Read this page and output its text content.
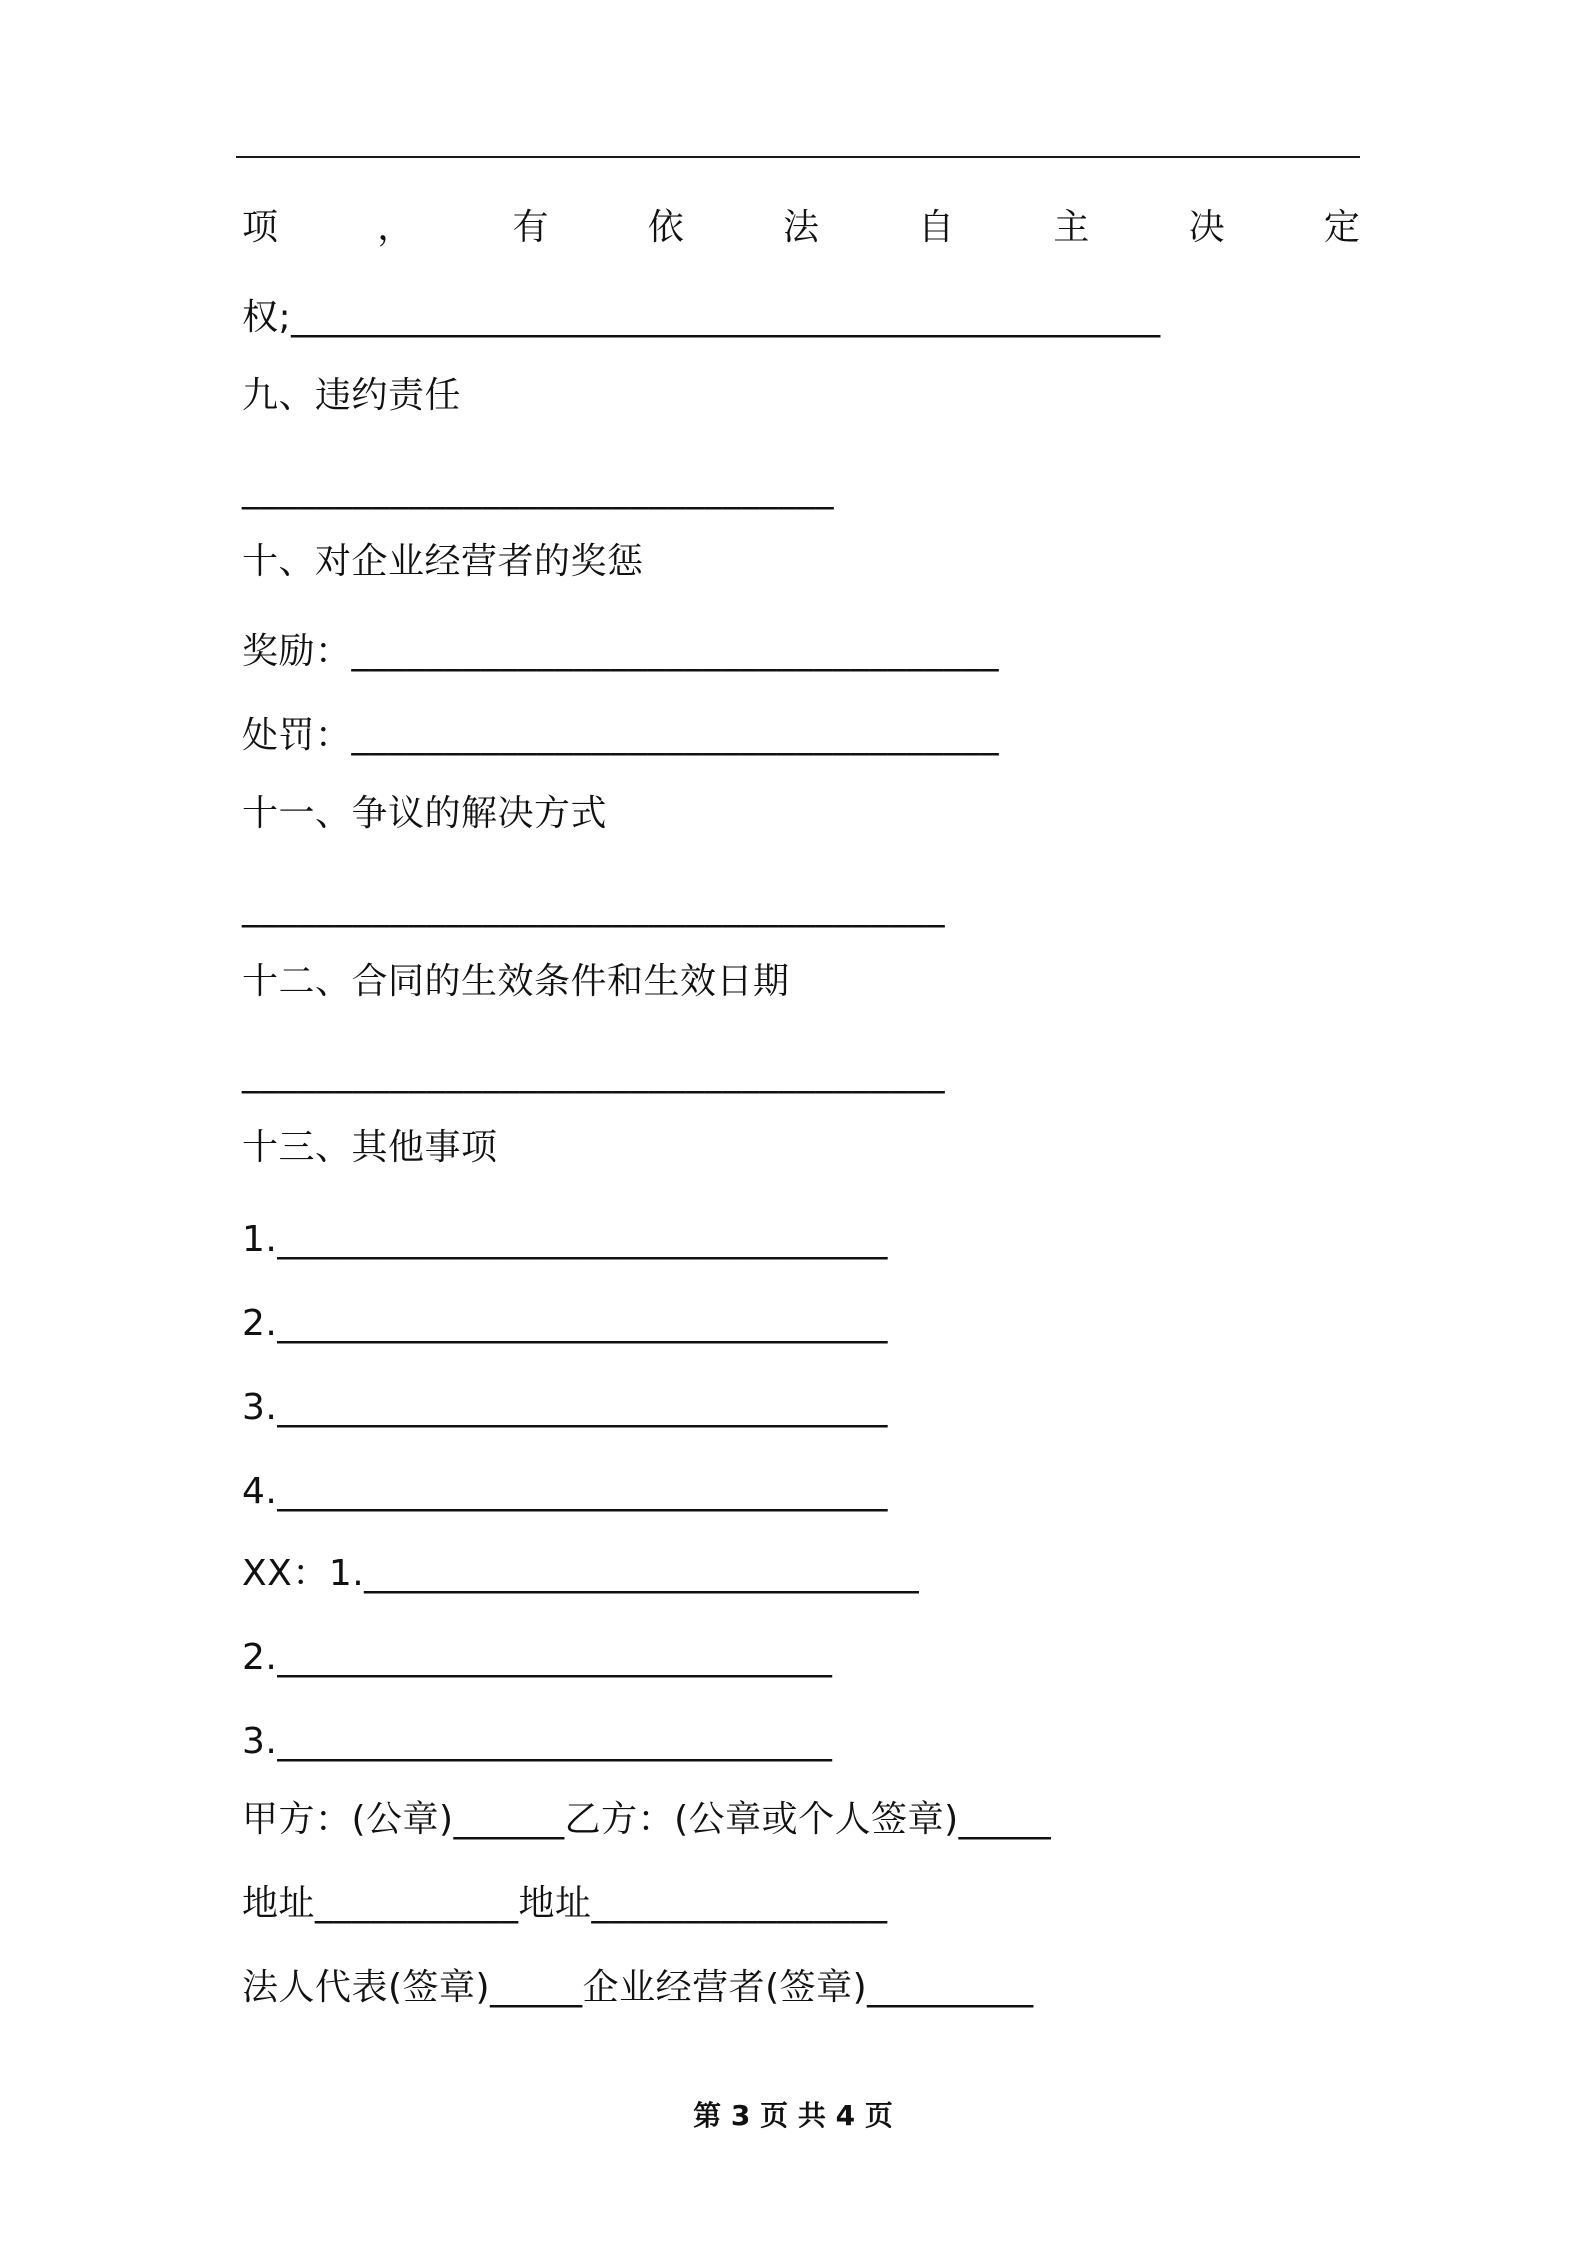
项	，	有	依	法	自	主	决	定
权;_______________________________________________
九、违约责任
________________________________
十、对企业经营者的奖惩
奖励：___________________________________
处罚：___________________________________
十一、争议的解决方式
______________________________________
十二、合同的生效条件和生效日期
______________________________________
十三、其他事项
1._________________________________
2._________________________________
3._________________________________
4._________________________________
XX：1.______________________________
2.______________________________
3.______________________________
甲方：(公章)______乙方：(公章或个人签章)_____
地址___________地址________________
法人代表(签章)_____企业经营者(签章)_________
第 3 页 共 4 页
